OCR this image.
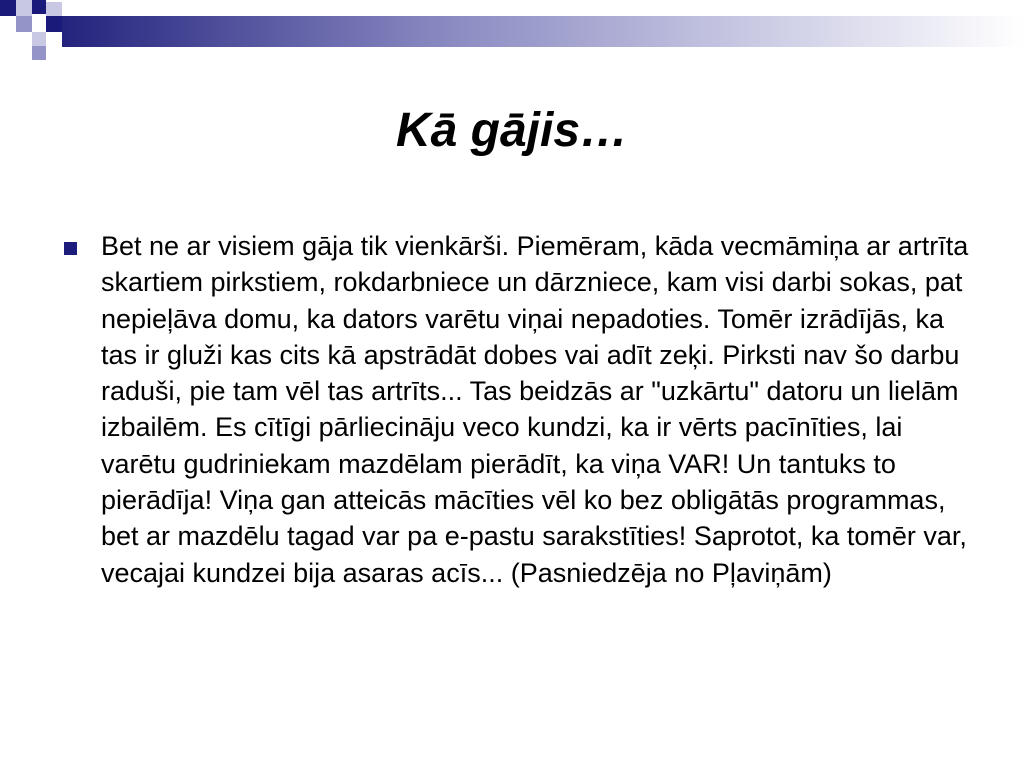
Kā gājis…

Bet ne ar visiem gāja tik vienkārši. Piemēram, kāda vecmāmiņa ar artrīta skartiem pirkstiem, rokdarbniece un dārzniece, kam visi darbi sokas, pat nepieļāva domu, ka dators varētu viņai nepadoties. Tomēr izrādījās, ka tas ir gluži kas cits kā apstrādāt dobes vai adīt zeķi. Pirksti nav šo darbu raduši, pie tam vēl tas artrīts... Tas beidzās ar "uzkārtu" datoru un lielām izbailēm. Es cītīgi pārliecināju veco kundzi, ka ir vērts pacīnīties, lai varētu gudriniekam mazdēlam pierādīt, ka viņa VAR! Un tantuks to pierādīja! Viņa gan atteicās mācīties vēl ko bez obligātās programmas, bet ar mazdēlu tagad var pa e-pastu sarakstīties! Saprotot, ka tomēr var, vecajai kundzei bija asaras acīs... (Pasniedzēja no Pļaviņām)
